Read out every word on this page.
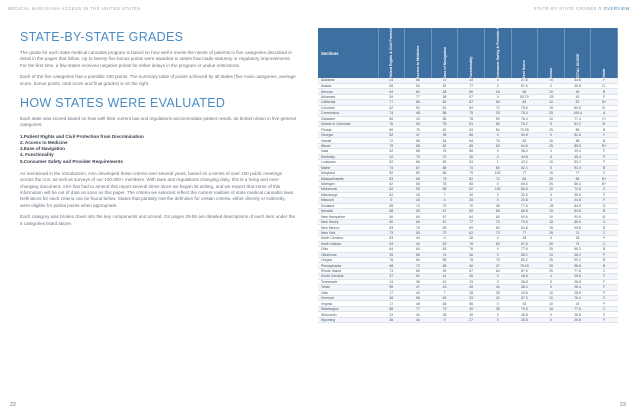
MEDICAL MARIJUANA ACCESS IN THE UNITED STATES	STATE-BY-STATE GRADES // OVERVIEW
STATE-BY-STATE GRADES

The grade for each state medical cannabis program is based on how well it meets the needs of patients in five categories described in detail in the pages that follow. Up to twenty-five bonus points were awarded to states that made statutory or regulatory improvements. For the first time, a few states received negative points for either delays in the program or undue restrictions.

Each of the five categories has a possible 100 points. The summary table of points achieved by all states (five main categories, average score, bonus points, total score and final grades) is on the right.

HOW STATES WERE EVALUATED

Each state was scored based on how well their current law and regulations accommodate patient needs, as broken down in five general categories:

1.Patient Rights and Civil Protection from Discrimination
2. Access to Medicine
3.Ease of Navigation
4. Functionality
5.Consumer Safety and Provider Requirements

As mentioned in the introduction, ASA developed these criteria over several years, based on a series of over 100 public meetings across the U.S. as well as surveys of our 100,000+ members. With laws and regulations changing daily, this is a living and ever-changing document. ASA has had to amend this report several times since we began its writing, and we expect that some of this information will be out of date as soon as this paper. The criteria we selected reflect the current realities of state medical cannabis laws. Definitions for each criteria can be found below. States that partially met the definition for certain criteria, either directly or indirectly, were eligible for partial points when appropriate.

Each category was broken down into the key components and scored. On pages 25-55 are detailed descriptions of each item under the 5 categories listed above.

Sections	Patient Rights & Civil Protections	Access to Medicine	Ease of Navigation	Functionality	Consumer Safety & Provider Requirements	Best Score	Bonus	TOTAL SCORE	Grade
Alabama	24	66	72	33	0	27.6	70	34.6	F
Alaska	65	54	82	77	0	57.6	0	45.6	D-
Arizona	64	60	48	66	16	56	10	46	B
Arkansas	54	77	68	57	0	53.79	-25	43	F
California	77	66	62	87	64	84	10	87	B+
Colorado	62	53	81	84	72	78.8	15	80.8	B-
Connecticut	74	48	88	75	25	75.4	25	100.4	A
Delaware	56	43	85	78	50	76.4	10	77.4	C+
District of Columbia	76	63	78	61	66	76.2	5	81.2	B-
Florida	69	75	62	53	54	70.39	25	85	B
Georgia	52	47	95	66	0	50.8	0	52.8	F
Hawaii	72	68	84	64	76	83	15	88	B
Illinois	79	68	82	65	63	94.6	25	89.6	B+
Iowa	52	68	76	68	0	38.4	0	29.4	F
Kentucky	42	75	72	45	0	44.8	5	45.4	F
Louisiana	52	66	69	53	1	43.2	10	53.2	F
Maine	74	67	88	74	65	82.4	5	94.4	B
Maryland	82	80	86	79	100	77	15	77	C
Massachusetts	83	68	79	82	74	84	25	89	B+
Michigan	62	66	78	68	0	60.4	25	88.4	B+
Minnesota	62	53	68	52	100	56.8	10	72.6	C
Mississippi	62	26	7	30	0	32.6	4	35.6	F
Missouri	0	43	0	28	0	20.8	0	24.8	F
Montana	69	74	79	70	45	77.6	-25	64.6	D
Nevada	68	59	67	69	65	66.8	15	84.8	B
New Hampshire	56	64	67	64	60	60.6	10	90.6	B-
New Jersey	60	66	67	77	70	70.6	15	85.6	C
New Mexico	63	76	69	69	60	84.8	15	99.8	B
New York	73	53	72	62	72	77	25	71	C
North Carolina	63	44	0	28	0	28	0	28	F
North Dakota	54	40	52	76	63	67.8	25	74	C
Ohio	64	64	63	76	0	77.6	25	65.2	B
Oklahoma	39	68	74	46	0	58.2	10	38.2	F
Oregon	76	64	85	78	76	89.2	25	99.2	B
Pennsylvania	68	72	68	46	37	78.49	25	98.8	B
Rhode Island	73	69	69	67	64	87.6	25	77.6	C
South Carolina	37	62	41	45	0	48.8	4	28.8	F
Tennessee	24	38	41	33	0	26.8	0	26.8	F
Texas	98	47	43	40	40	38.4	0	28.4	F
Utah	17	40	7	28	28	43.8	10	28.6	F
Vermont	48	68	62	33	42	67.3	10	76.4	C
Virginia	17	48	68	58	0	53	10	24	F
Washington	88	77	73	40	38	70.8	15	77.6	C
Wisconsin	24	40	28	45	0	26.8	0	26.8	F
Wyoming	36	44	0	27	0	26.8	0	26.8	F
22	23
